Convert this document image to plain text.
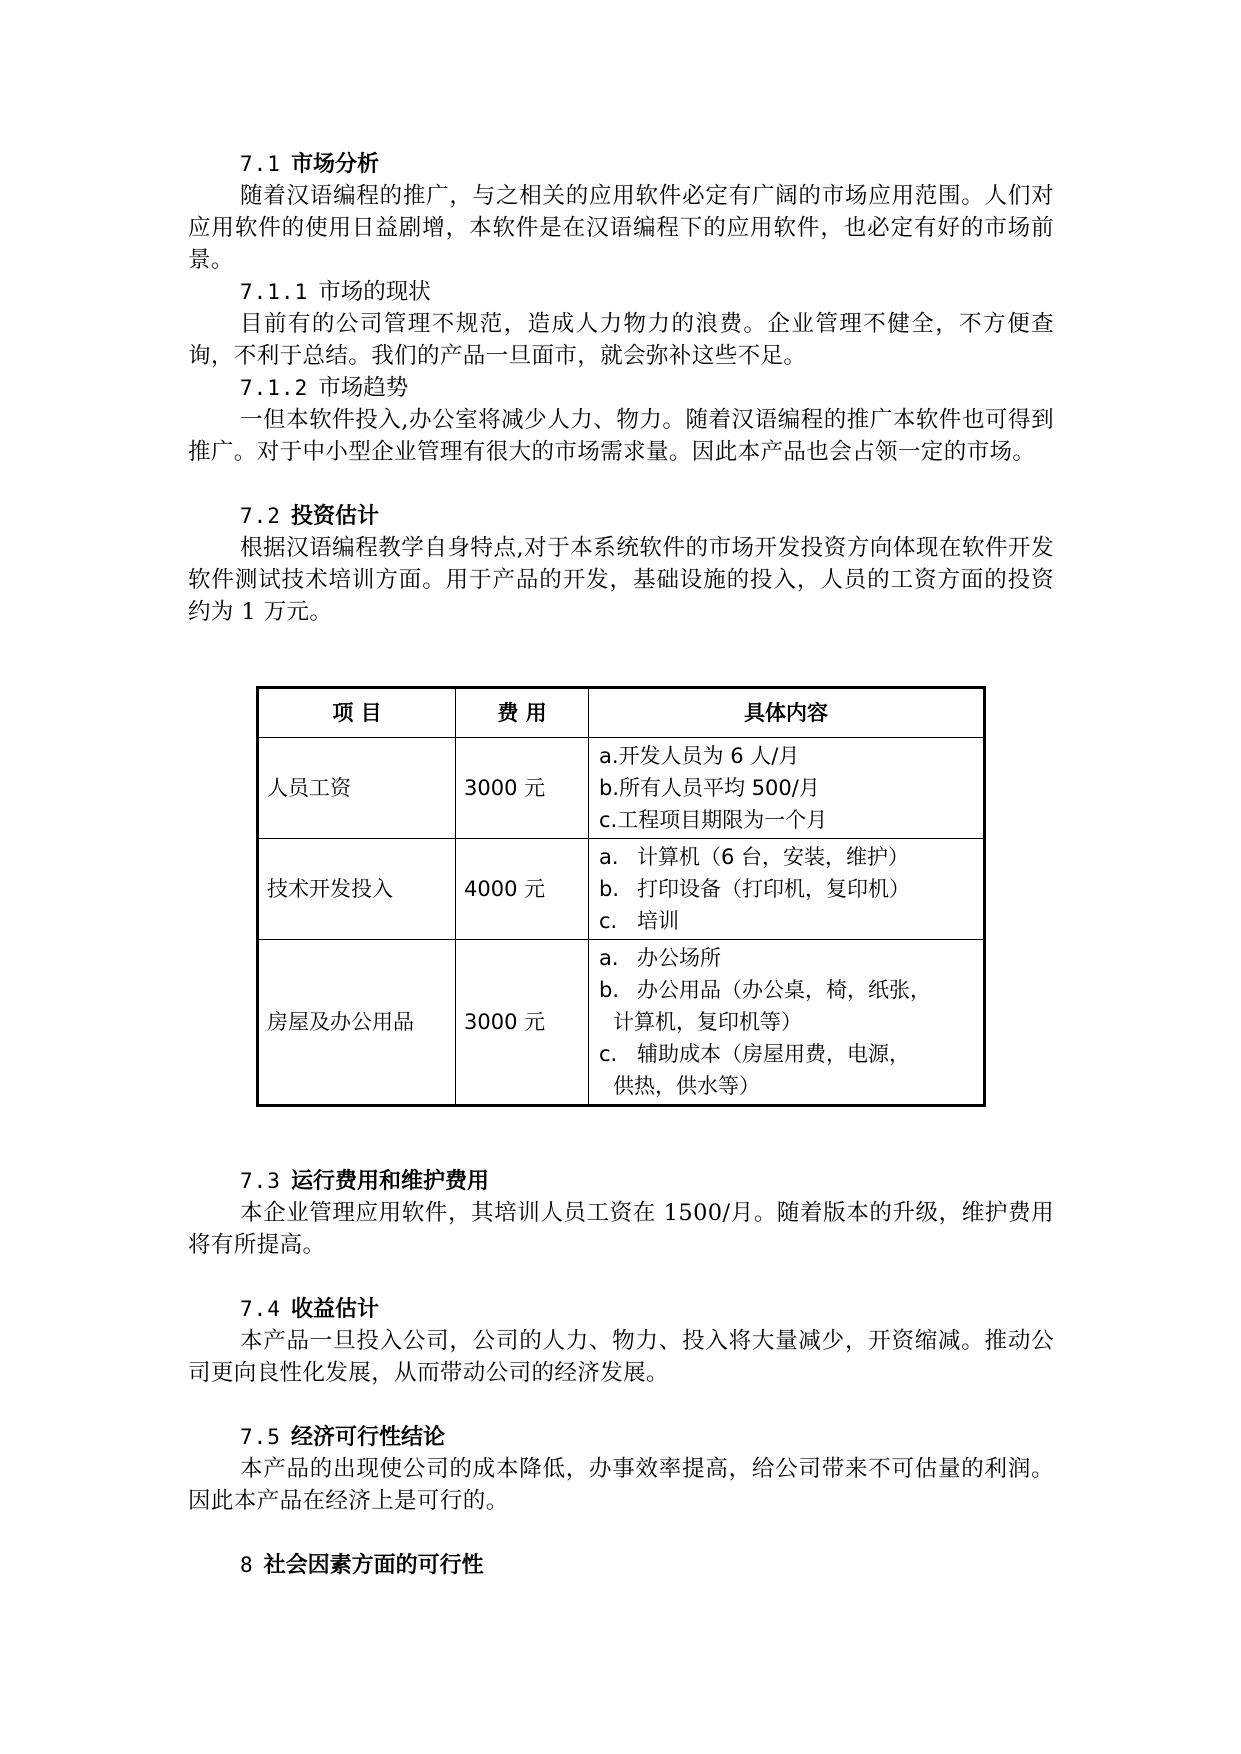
7.1 市场分析

随着汉语编程的推广，与之相关的应用软件必定有广阔的市场应用范围。人们对应用软件的使用日益剧增，本软件是在汉语编程下的应用软件，也必定有好的市场前景。

7.1.1 市场的现状

目前有的公司管理不规范，造成人力物力的浪费。企业管理不健全，不方便查询，不利于总结。我们的产品一旦面市，就会弥补这些不足。

7.1.2 市场趋势

一但本软件投入,办公室将减少人力、物力。随着汉语编程的推广本软件也可得到推广。对于中小型企业管理有很大的市场需求量。因此本产品也会占领一定的市场。

7.2 投资估计

根据汉语编程教学自身特点,对于本系统软件的市场开发投资方向体现在软件开发软件测试技术培训方面。用于产品的开发，基础设施的投入，人员的工资方面的投资约为 1 万元。

项 目	费 用	具体内容
人员工资	3000 元	a.开发人员为 6 人/月
b.所有人员平均 500/月
c.工程项目期限为一个月

技术开发投入	4000 元	a. 计算机（6 台，安装，维护）
b. 打印设备（打印机，复印机）
c. 培训

房屋及办公用品	3000 元	a. 办公场所
b. 办公用品（办公桌，椅，纸张，
计算机，复印机等）
c. 辅助成本（房屋用费，电源，
供热，供水等）

7.3 运行费用和维护费用

本企业管理应用软件，其培训人员工资在 1500/月。随着版本的升级，维护费用将有所提高。

7.4 收益估计

本产品一旦投入公司，公司的人力、物力、投入将大量减少，开资缩减。推动公司更向良性化发展，从而带动公司的经济发展。

7.5 经济可行性结论

本产品的出现使公司的成本降低，办事效率提高，给公司带来不可估量的利润。因此本产品在经济上是可行的。

8 社会因素方面的可行性
